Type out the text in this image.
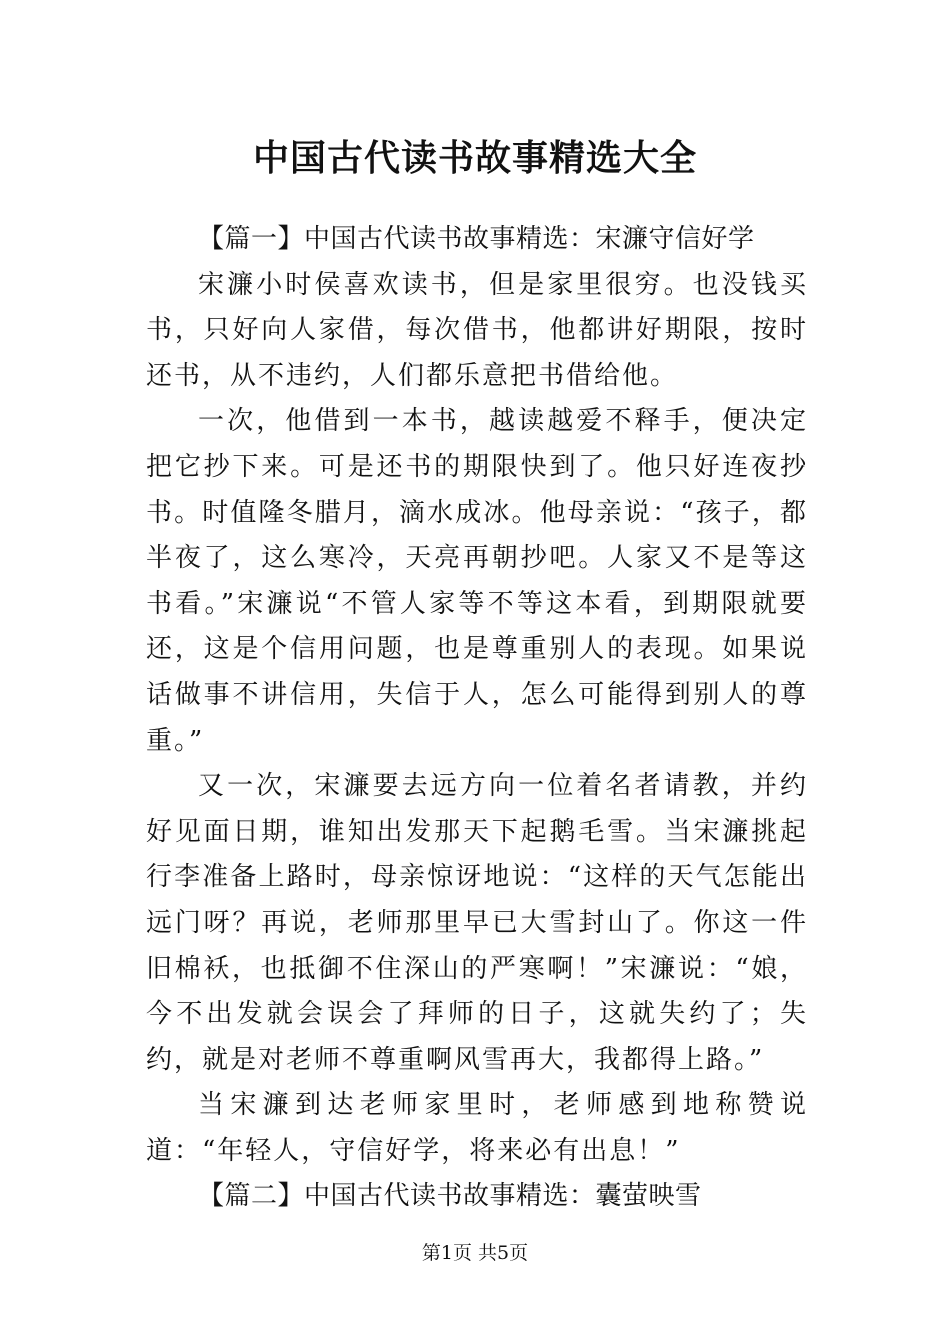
中国古代读书故事精选大全

【篇一】中国古代读书故事精选：宋濂守信好学

宋濂小时侯喜欢读书，但是家里很穷。也没钱买书，只好向人家借，每次借书，他都讲好期限，按时还书，从不违约，人们都乐意把书借给他。

一次，他借到一本书，越读越爱不释手，便决定把它抄下来。可是还书的期限快到了。他只好连夜抄书。时值隆冬腊月，滴水成冰。他母亲说：“孩子，都半夜了，这么寒冷，天亮再朝抄吧。人家又不是等这书看。”宋濂说“不管人家等不等这本看，到期限就要还，这是个信用问题，也是尊重别人的表现。如果说话做事不讲信用，失信于人，怎么可能得到别人的尊重。”

又一次，宋濂要去远方向一位着名者请教，并约好见面日期，谁知出发那天下起鹅毛雪。当宋濂挑起行李准备上路时，母亲惊讶地说：“这样的天气怎能出远门呀？再说，老师那里早已大雪封山了。你这一件旧棉袄，也抵御不住深山的严寒啊！”宋濂说：“娘，今不出发就会误会了拜师的日子，这就失约了；失约，就是对老师不尊重啊风雪再大，我都得上路。”

当宋濂到达老师家里时，老师感到地称赞说道：“年轻人，守信好学，将来必有出息！”

【篇二】中国古代读书故事精选：囊萤映雪

第1页 共5页
